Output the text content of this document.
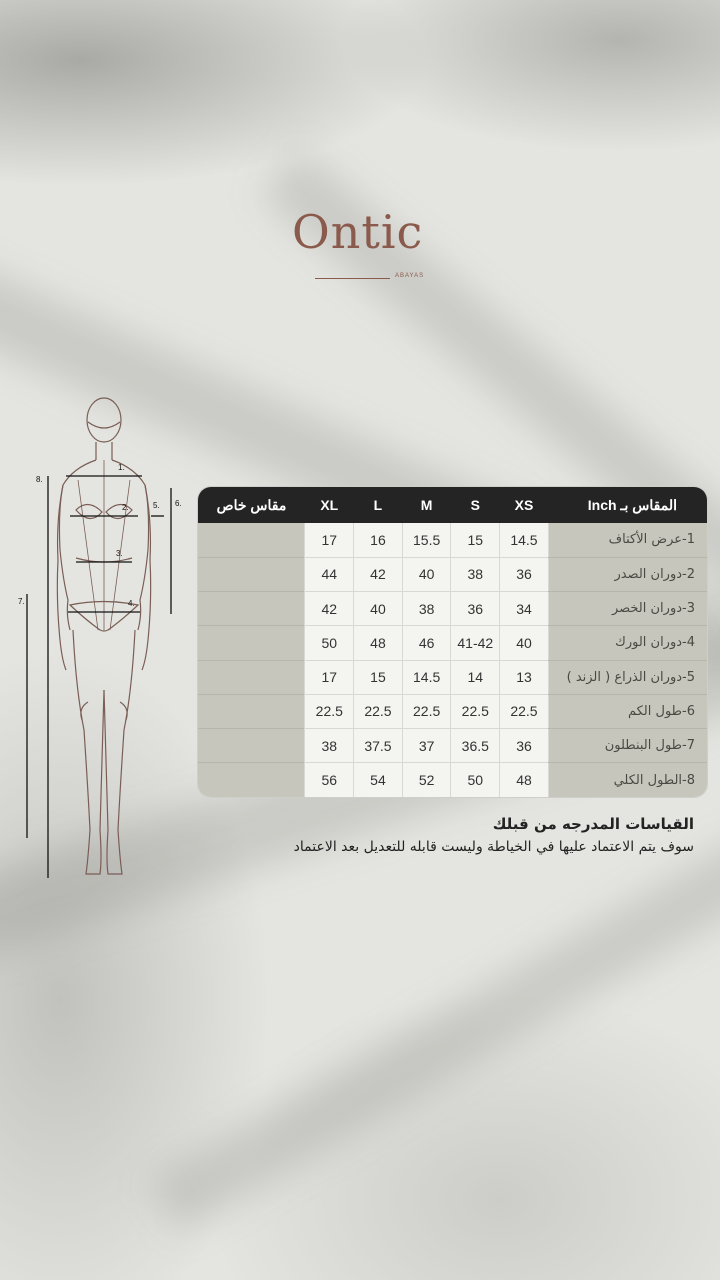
Ontic
ABAYAS
1.
2.
3.
4.
5. 6.
7.
8.
المقاس بـ Inch	XS	S	M	L	XL	مقاس خاص
1-عرض الأكتاف	14.5	15	15.5	16	17	
2-دوران الصدر	36	38	40	42	44	
3-دوران الخصر	34	36	38	40	42	
4-دوران الورك	40	41-42	46	48	50	
5-دوران الذراع ( الزند )	13	14	14.5	15	17	
6-طول الكم	22.5	22.5	22.5	22.5	22.5	
7-طول البنطلون	36	36.5	37	37.5	38	
8-الطول الكلي	48	50	52	54	56	
القياسات المدرجه من قبلك
سوف يتم الاعتماد عليها في الخياطة وليست قابله للتعديل بعد الاعتماد
